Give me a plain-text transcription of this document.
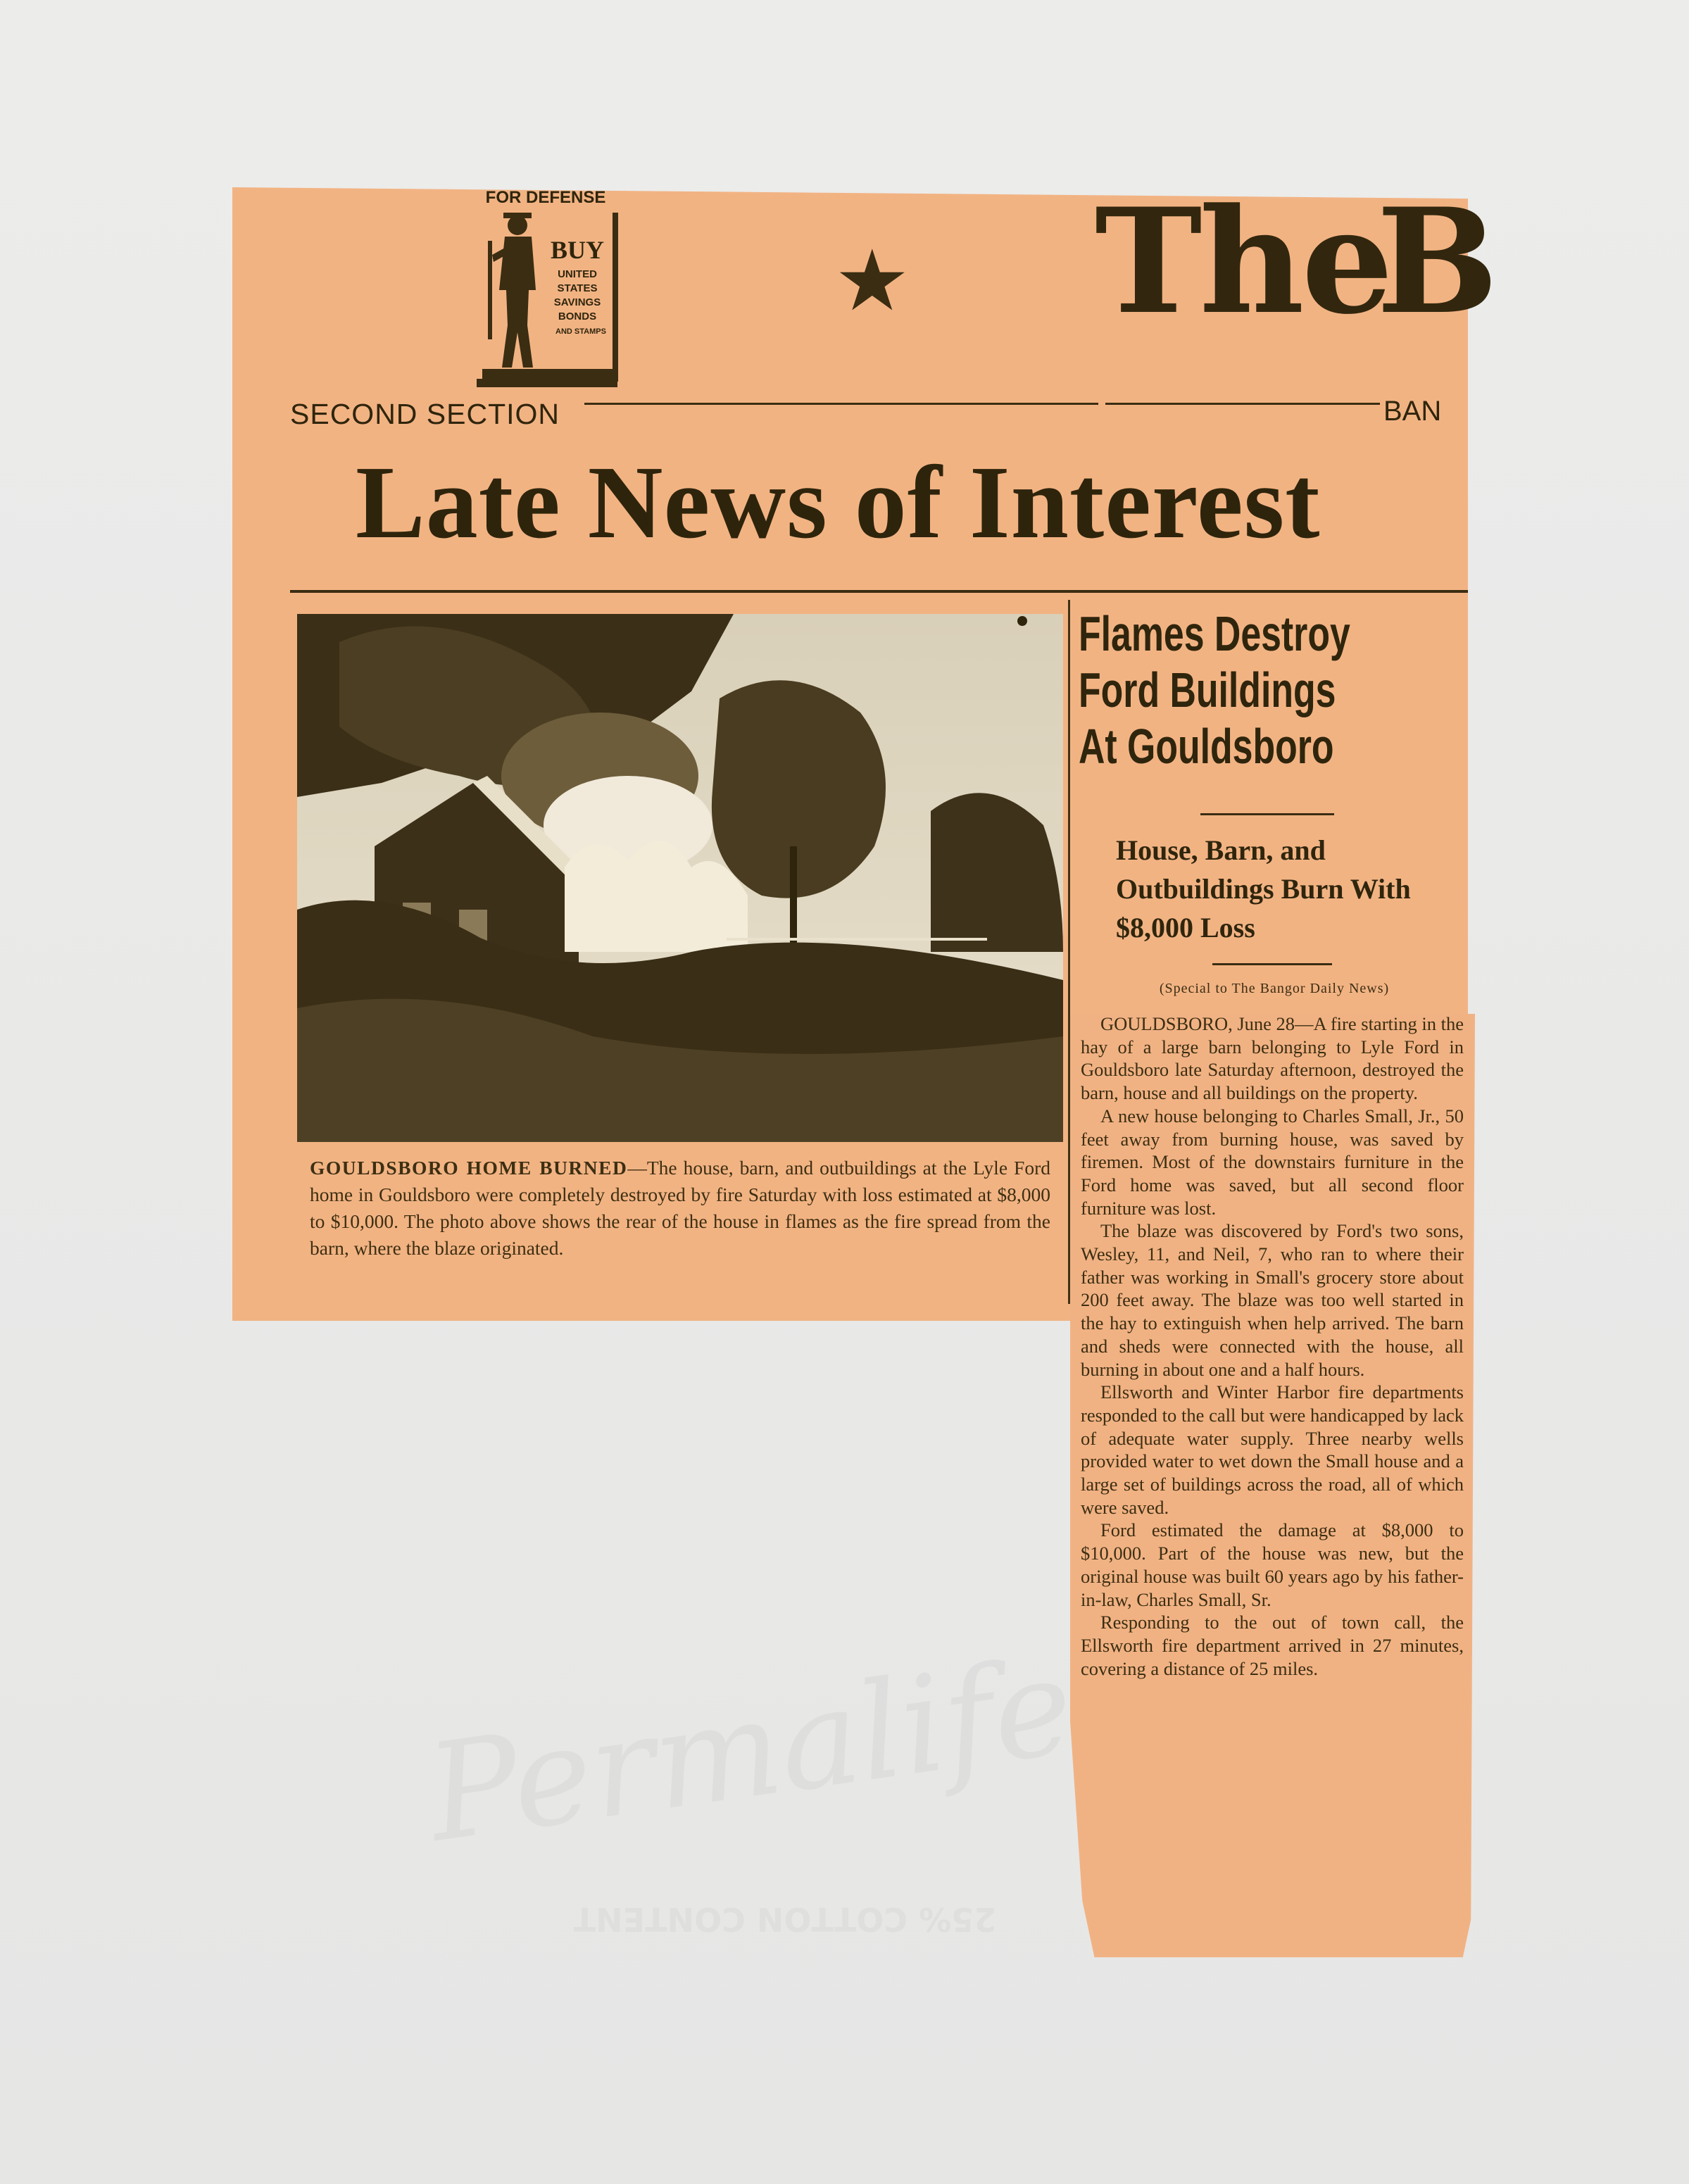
FOR DEFENSE
BUY
UNITED
STATES
SAVINGS
BONDS
AND STAMPS
★ The
B
SECOND SECTION	BAN
Late News of Interest
GOULDSBORO HOME BURNED—The house, barn, and outbuildings at the Lyle Ford home in Gouldsboro were completely destroyed by fire Saturday with loss estimated at $8,000 to $10,000. The photo above shows the rear of the house in flames as the fire spread from the barn, where the blaze originated.
Flames Destroy
Ford Buildings
At Gouldsboro
House, Barn, and Outbuildings Burn With $8,000 Loss
(Special to The Bangor Daily News)

GOULDSBORO, June 28—A fire starting in the hay of a large barn belonging to Lyle Ford in Gouldsboro late Saturday afternoon, destroyed the barn, house and all buildings on the property.

A new house belonging to Charles Small, Jr., 50 feet away from burning house, was saved by firemen. Most of the downstairs furniture in the Ford home was saved, but all second floor furniture was lost.

The blaze was discovered by Ford's two sons, Wesley, 11, and Neil, 7, who ran to where their father was working in Small's grocery store about 200 feet away. The blaze was too well started in the hay to extinguish when help arrived. The barn and sheds were connected with the house, all burning in about one and a half hours.

Ellsworth and Winter Harbor fire departments responded to the call but were handicapped by lack of adequate water supply. Three nearby wells provided water to wet down the Small house and a large set of buildings across the road, all of which were saved.

Ford estimated the damage at $8,000 to $10,000. Part of the house was new, but the original house was built 60 years ago by his father-in-law, Charles Small, Sr.

Responding to the out of town call, the Ellsworth fire department arrived in 27 minutes, covering a distance of 25 miles.

Permalife
25% COTTON CONTENT
